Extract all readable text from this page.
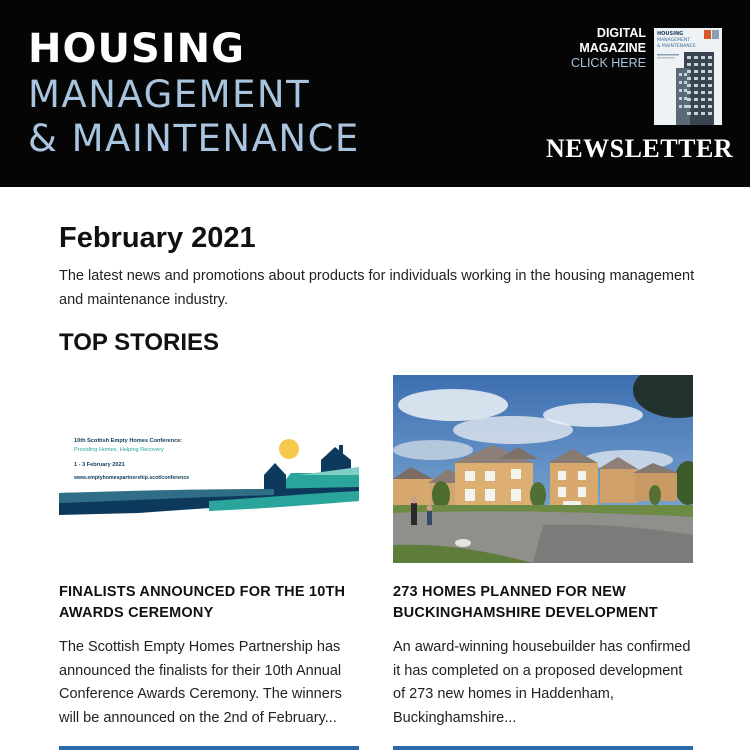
HOUSING
MANAGEMENT
& MAINTENANCE
DIGITAL MAGAZINE
CLICK HERE
HOUSING
MANAGEMENT
& MAINTENANCE
NEWSLETTER
February 2021
The latest news and promotions about products for individuals working in the housing management and maintenance industry.
TOP STORIES
10th Scottish Empty Homes Conference:
Providing Homes, Helping Recovery
1 - 3 February 2021
www.emptyhomespartnership.scot/conference
every home matters
FINALISTS ANNOUNCED FOR THE 10TH AWARDS CEREMONY
The Scottish Empty Homes Partnership has announced the finalists for their 10th Annual Conference Awards Ceremony. The winners will be announced on the 2nd of February...
273 HOMES PLANNED FOR NEW BUCKINGHAMSHIRE DEVELOPMENT
An award-winning housebuilder has confirmed it has completed on a proposed development of 273 new homes in Haddenham, Buckinghamshire...
